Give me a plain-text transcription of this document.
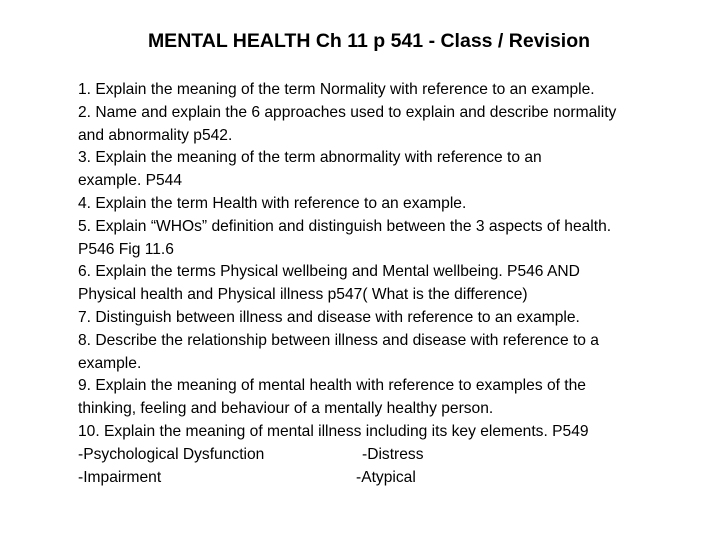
MENTAL HEALTH Ch 11 p 541 - Class / Revision
1. Explain the meaning of the term Normality with reference to an example.
2. Name and explain the 6 approaches used to explain and describe normality
and abnormality p542.
3. Explain the meaning of the term abnormality with reference to an
example. P544
4. Explain the term Health with reference to an example.
5. Explain “WHOs” definition and distinguish between the 3 aspects of health.
P546 Fig 11.6
6. Explain the terms Physical wellbeing and Mental wellbeing. P546 AND
Physical health and Physical illness p547( What is the difference)
7. Distinguish between illness and disease with reference to an example.
8. Describe the relationship between illness and disease with reference to a
example.
9. Explain the meaning of mental health with reference to examples of the
thinking, feeling and behaviour of a mentally healthy person.
10. Explain the meaning of mental illness including its key elements. P549
-Psychological Dysfunction	-Distress
-Impairment	-Atypical
